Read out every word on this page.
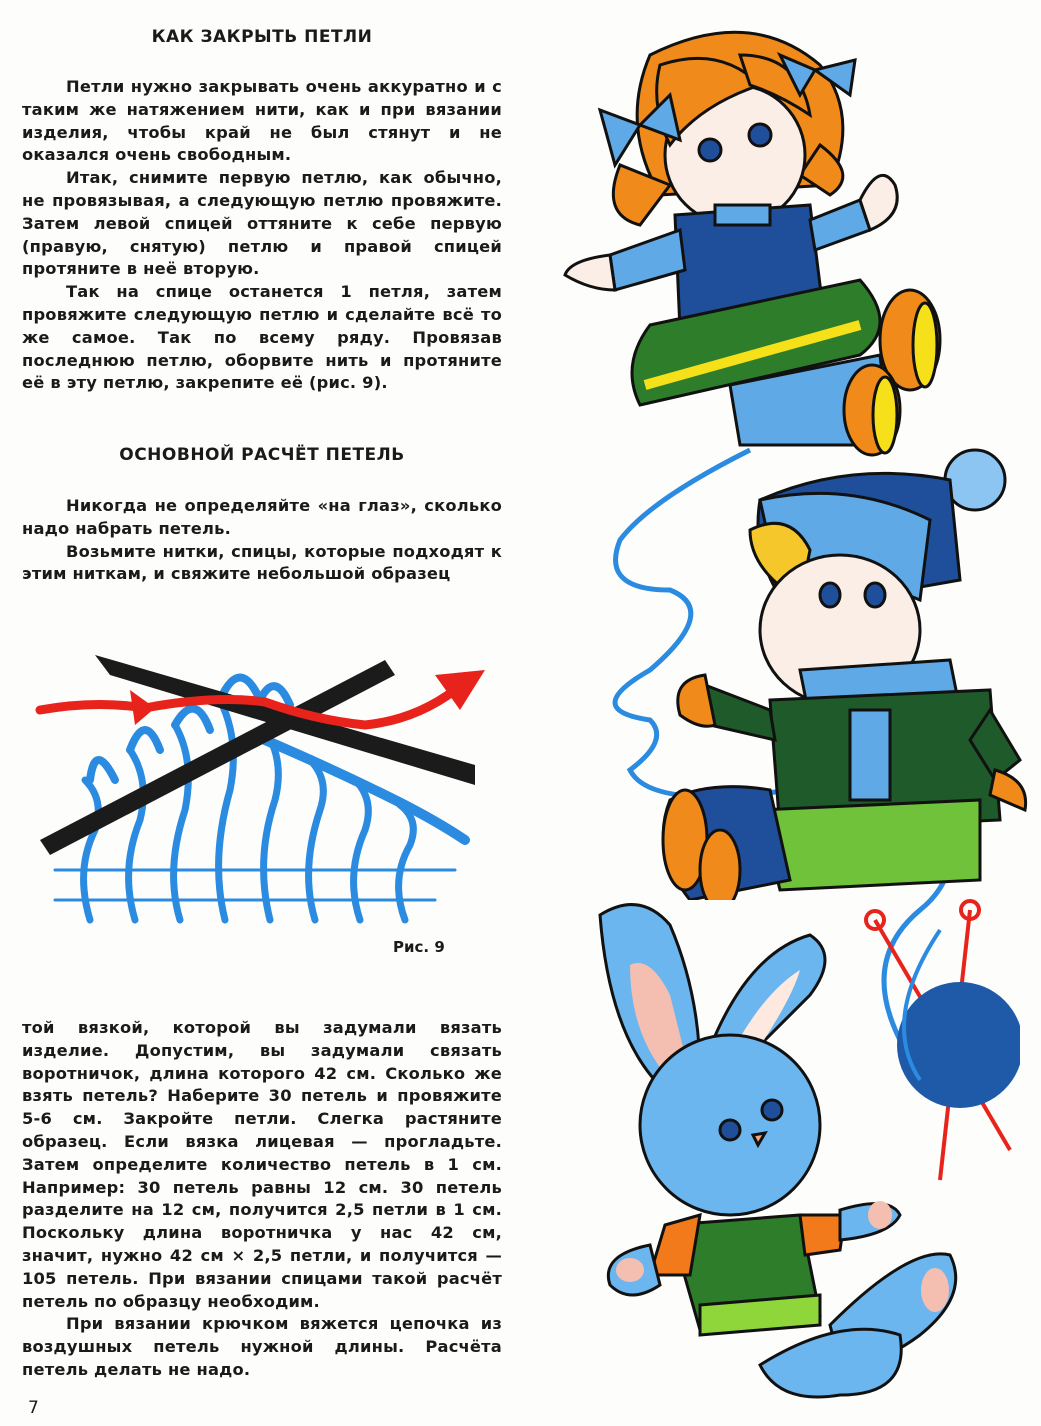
КАК ЗАКРЫТЬ ПЕТЛИ

Петли нужно закрывать очень аккуратно и с таким же натяжением нити, как и при вязании изделия, чтобы край не был стянут и не оказался очень свободным.

Итак, снимите первую петлю, как обычно, не провязывая, а следующую петлю провяжите. Затем левой спицей оттяните к себе первую (правую, снятую) петлю и правой спицей протяните в неё вторую.

Так на спице останется 1 петля, затем провяжите следующую петлю и сделайте всё то же самоe. Так по всему ряду. Провязав последнюю петлю, оборвите нить и протяните её в эту петлю, закрепите её (рис. 9).

ОСНОВНОЙ РАСЧЁТ ПЕТЕЛЬ

Никогда не определяйте «на глаз», сколько надо набрать петель.

Возьмите нитки, спицы, которые подходят к этим ниткам, и свяжите небольшой образец

Рис. 9

той вязкой, которой вы задумали вязать изделие. Допустим, вы задумали связать воротничок, длина которого 42 см. Сколько же взять петель? Наберите 30 петель и провяжите 5-6 см. Закройте петли. Слегка растяните образец. Если вязка лицевая — прогладьте. Затем определите количество петель в 1 см. Например: 30 петель равны 12 см. 30 петель разделите на 12 см, получится 2,5 петли в 1 см. Поскольку длина воротничка у нас 42 см, значит, нужно 42 см × 2,5 петли, и получится — 105 петель. При вязании спицами такой расчёт петель по образцу необходим.

При вязании крючком вяжется цепочка из воздушных петель нужной длины. Расчёта петель делать не надо.

7
